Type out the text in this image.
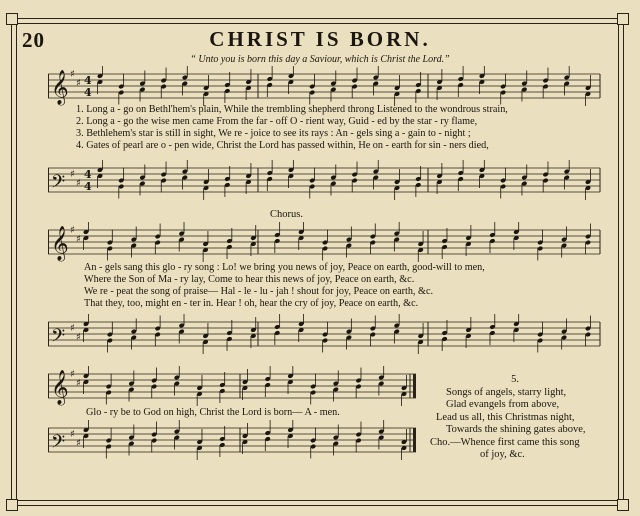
20	CHRIST IS BORN.
“ Unto you is born this day a Saviour, which is Christ the Lord.”
𝄞 ♯
♯ 4
4
1. Long a - go on Bethl'hem's plain, While the trembling shepherd throng Listened to the wondrous strain,
2. Long a - go the wise men came From the far - off O - rient way, Guid - ed by the star - ry flame,
3. Bethlehem's star is still in sight, We re - joice to see its rays : An - gels sing a - gain to - night ;
4. Gates of pearl are o - pen wide, Christ the Lord has passed within, He on - earth for sin - ners died,
𝄢 ♯
♯
4
4
Chorus.
𝄞 ♯
♯
An - gels sang this glo - ry song : Lo! we bring you news of joy, Peace on earth, good-will to men,
Where the Son of Ma - ry lay, Come to hear this news of joy, Peace on earth, &c.
We re - peat the song of praise— Hal - le - lu - jah ! shout for joy, Peace on earth, &c.
That they, too, might en - ter in. Hear ! oh, hear the cry of joy, Peace on earth, &c.
𝄢 ♯
♯
𝄞 ♯
♯
Glo - ry be to God on high, Christ the Lord is born— A - men.
𝄢 ♯
♯
5.
Songs of angels, starry light,
Glad evangels from above,
Lead us all, this Christmas night,
Towards the shining gates above,
Cho.—Whence first came this song
of joy, &c.
